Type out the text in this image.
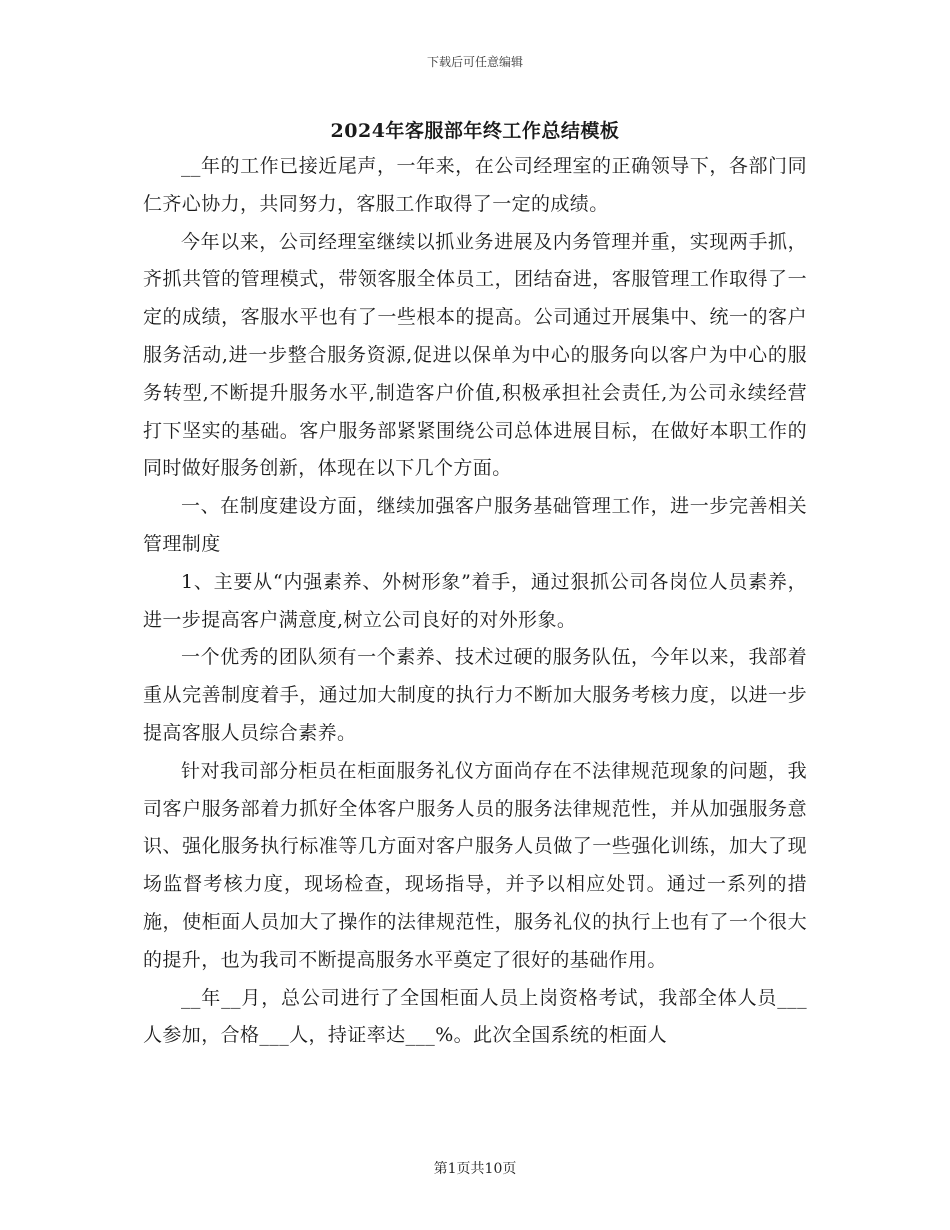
下载后可任意编辑
2024年客服部年终工作总结模板

__年的工作已接近尾声，一年来，在公司经理室的正确领导下，各部门同仁齐心协力，共同努力，客服工作取得了一定的成绩。

今年以来，公司经理室继续以抓业务进展及内务管理并重，实现两手抓，齐抓共管的管理模式，带领客服全体员工，团结奋进，客服管理工作取得了一定的成绩，客服水平也有了一些根本的提高。公司通过开展集中、统一的客户服务活动,进一步整合服务资源,促进以保单为中心的服务向以客户为中心的服务转型,不断提升服务水平,制造客户价值,积极承担社会责任,为公司永续经营打下坚实的基础。客户服务部紧紧围绕公司总体进展目标，在做好本职工作的同时做好服务创新，体现在以下几个方面。

一、在制度建设方面，继续加强客户服务基础管理工作，进一步完善相关管理制度

1、主要从“内强素养、外树形象”着手，通过狠抓公司各岗位人员素养，进一步提高客户满意度,树立公司良好的对外形象。

一个优秀的团队须有一个素养、技术过硬的服务队伍，今年以来，我部着重从完善制度着手，通过加大制度的执行力不断加大服务考核力度，以进一步提高客服人员综合素养。

针对我司部分柜员在柜面服务礼仪方面尚存在不法律规范现象的问题，我司客户服务部着力抓好全体客户服务人员的服务法律规范性，并从加强服务意识、强化服务执行标准等几方面对客户服务人员做了一些强化训练，加大了现场监督考核力度，现场检查，现场指导，并予以相应处罚。通过一系列的措施，使柜面人员加大了操作的法律规范性，服务礼仪的执行上也有了一个很大的提升，也为我司不断提高服务水平奠定了很好的基础作用。

__年__月，总公司进行了全国柜面人员上岗资格考试，我部全体人员___人参加，合格___人，持证率达___%。此次全国系统的柜面人

第1页共10页
